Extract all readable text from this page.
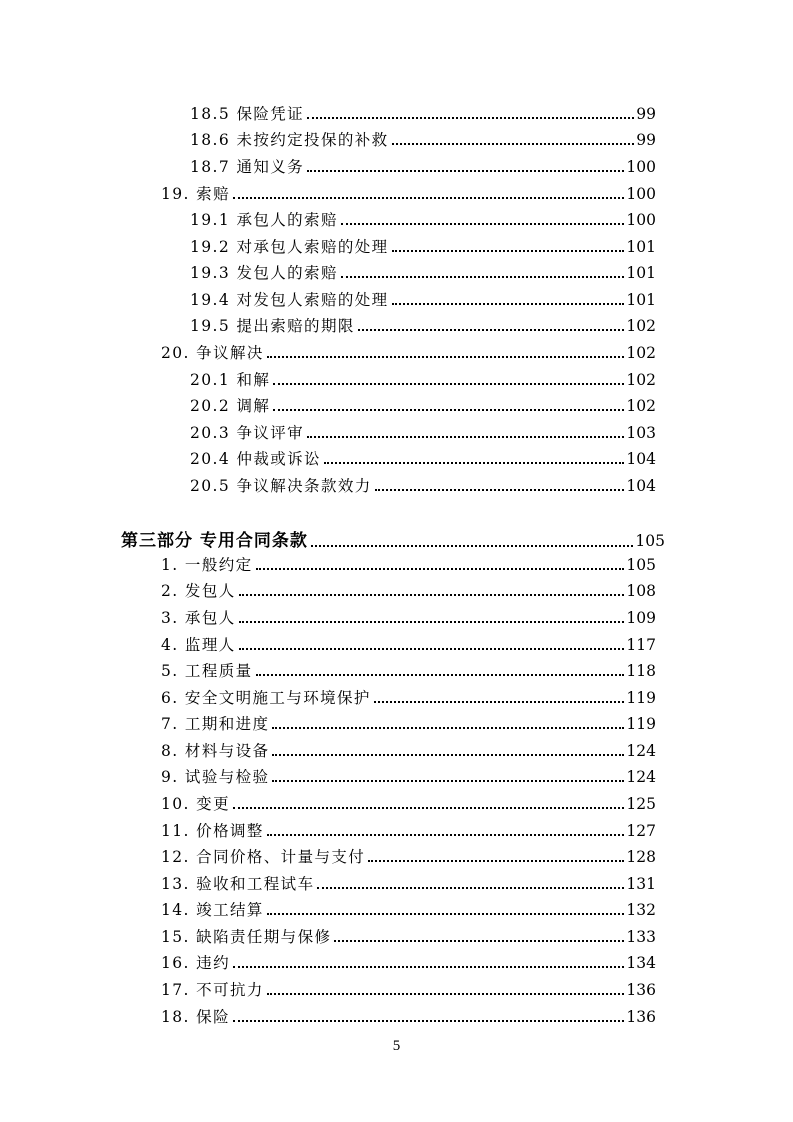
18.5 保险凭证	99
18.6 未按约定投保的补救	99
18.7 通知义务	100
19. 索赔	100
19.1 承包人的索赔	100
19.2 对承包人索赔的处理	101
19.3 发包人的索赔	101
19.4 对发包人索赔的处理	101
19.5 提出索赔的期限	102
20. 争议解决	102
20.1 和解	102
20.2 调解	102
20.3 争议评审	103
20.4 仲裁或诉讼	104
20.5 争议解决条款效力	104
第三部分 专用合同条款	105
1. 一般约定	105
2. 发包人	108
3. 承包人	109
4. 监理人	117
5. 工程质量	118
6. 安全文明施工与环境保护	119
7. 工期和进度	119
8. 材料与设备	124
9. 试验与检验	124
10. 变更	125
11. 价格调整	127
12. 合同价格、计量与支付	128
13. 验收和工程试车	131
14. 竣工结算	132
15. 缺陷责任期与保修	133
16. 违约	134
17. 不可抗力	136
18. 保险	136
5
